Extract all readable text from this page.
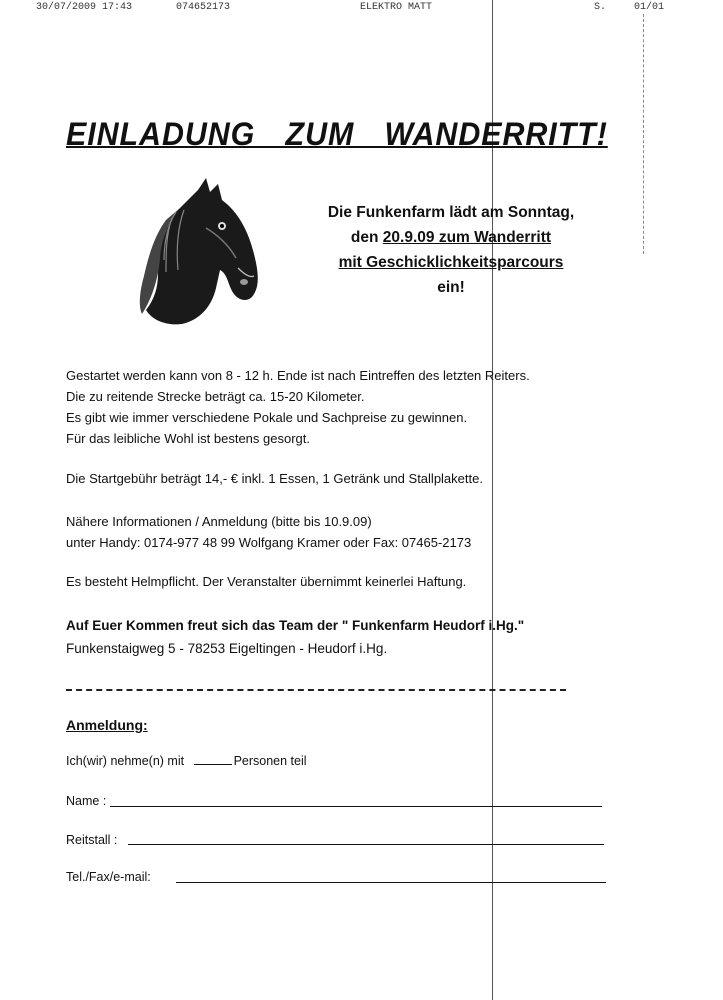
30/07/2009 17:43	074652173	ELEKTRO MATT	S.	01/01
EINLADUNG ZUM WANDERRITT!
Die Funkenfarm lädt am Sonntag,
den 20.9.09 zum Wanderritt
mit Geschicklichkeitsparcours
ein!
Gestartet werden kann von 8 - 12 h. Ende ist nach Eintreffen des letzten Reiters.
Die zu reitende Strecke beträgt ca. 15-20 Kilometer.
Es gibt wie immer verschiedene Pokale und Sachpreise zu gewinnen.
Für das leibliche Wohl ist bestens gesorgt.
Die Startgebühr beträgt 14,- € inkl. 1 Essen, 1 Getränk und Stallplakette.
Nähere Informationen / Anmeldung (bitte bis 10.9.09)
unter Handy: 0174-977 48 99 Wolfgang Kramer oder Fax: 07465-2173
Es besteht Helmpflicht. Der Veranstalter übernimmt keinerlei Haftung.
Auf Euer Kommen freut sich das Team der " Funkenfarm Heudorf i.Hg."
Funkenstaigweg 5 - 78253 Eigeltingen - Heudorf i.Hg.
Anmeldung:
Ich(wir) nehme(n) mit	Personen teil
Name :
Reitstall :
Tel./Fax/e-mail:
